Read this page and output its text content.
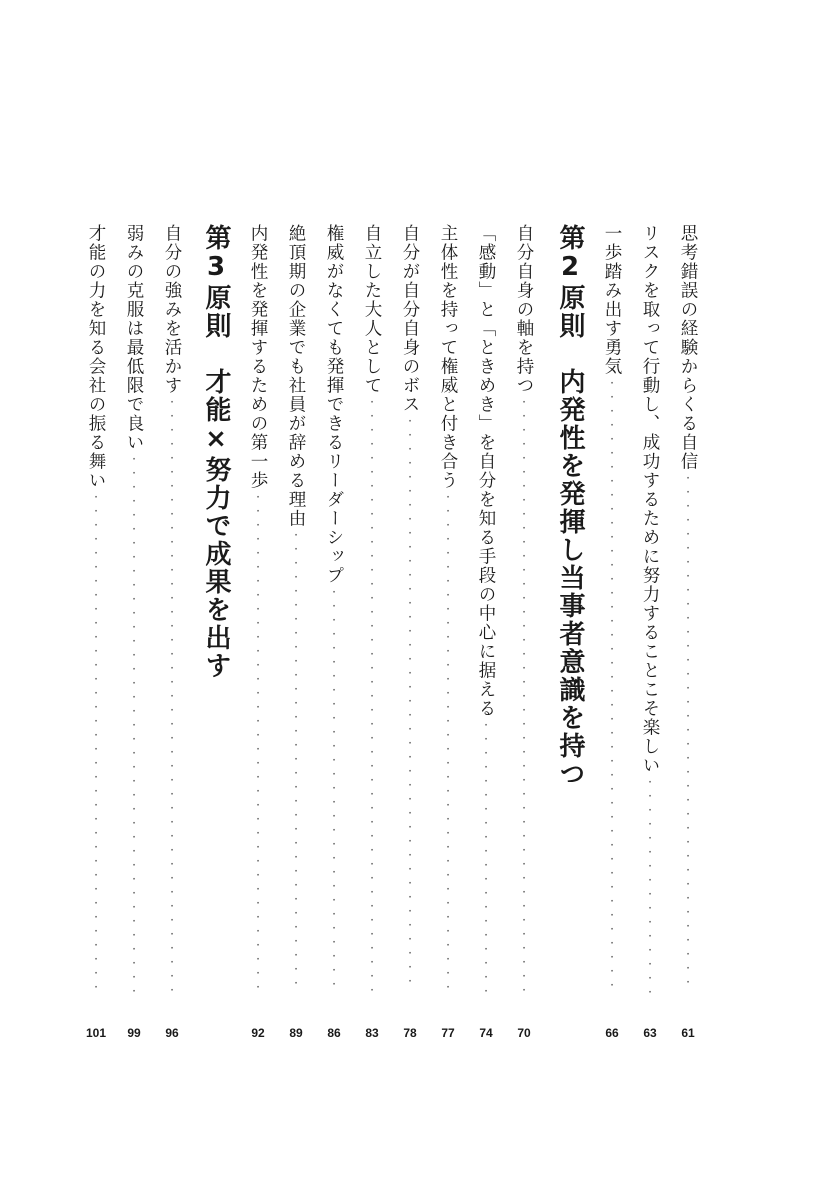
思考錯誤の経験からくる自信·····································
61
リスクを取って行動し、成功するために努力することこそ楽しい················
63
一歩踏み出す勇気············································
66
第2原則　内発性を発揮し当事者意識を持つ
自分自身の軸を持つ···········································
70
「感動」と「ときめき」を自分を知る手段の中心に据える····················
74
主体性を持って権威と付き合う····································
77
自分が自分自身のボス·········································
78
自立した大人として···········································
83
権威がなくても発揮できるリーダーシップ·····························
86
絶頂期の企業でも社員が辞める理由·································
89
内発性を発揮するための第一歩····································
92
第3原則　才能×努力で成果を出す
自分の強みを活かす···········································
96
弱みの克服は最低限で良い·······································
99
才能の力を知る会社の振る舞い····································
101
